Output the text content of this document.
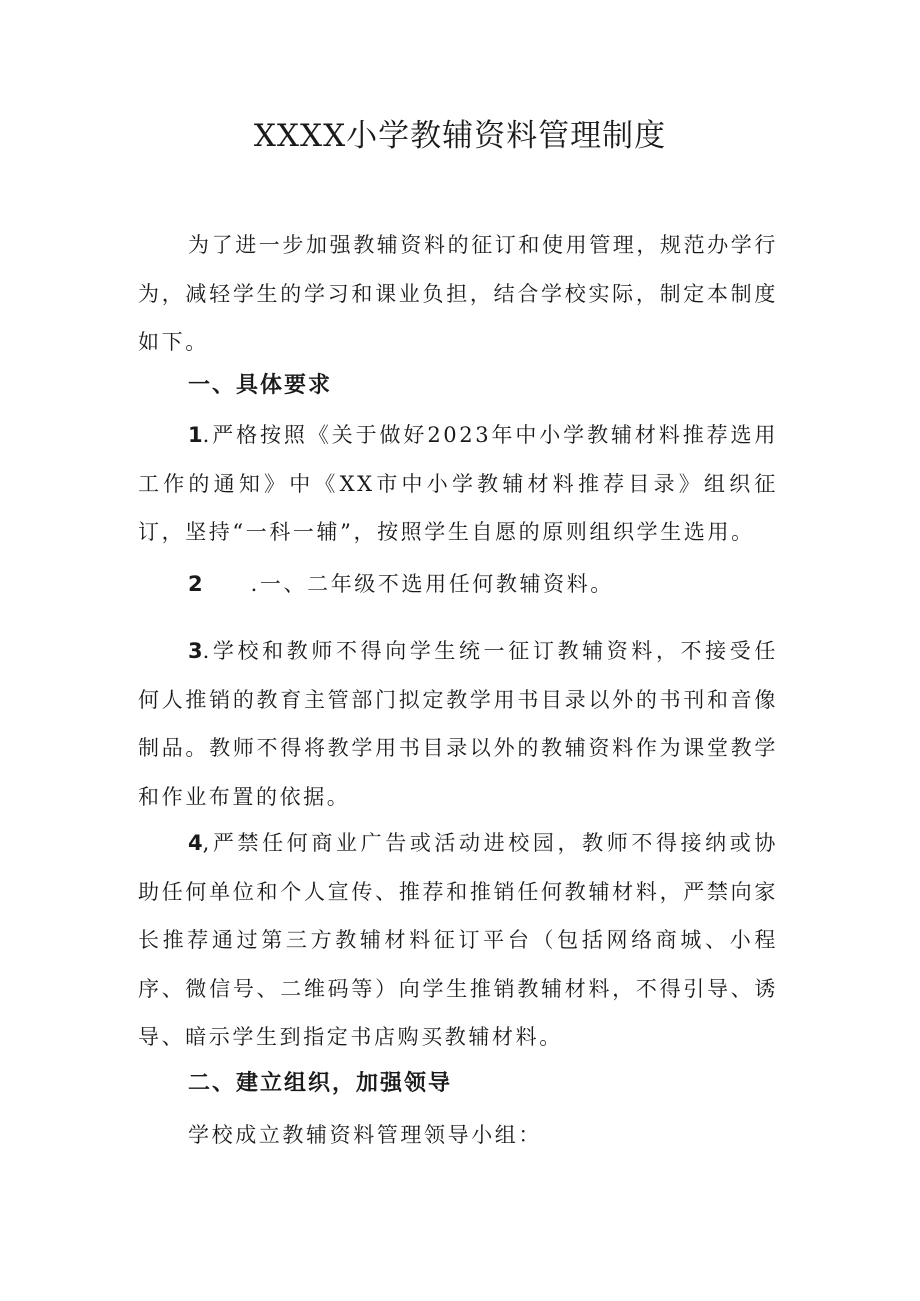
XXXX小学教辅资料管理制度
为了进一步加强教辅资料的征订和使用管理，规范办学行为，减轻学生的学习和课业负担，结合学校实际，制定本制度如下。
一、具体要求
1.严格按照《关于做好2023年中小学教辅材料推荐选用工作的通知》中《XX市中小学教辅材料推荐目录》组织征订，坚持“一科一辅”，按照学生自愿的原则组织学生选用。
2 .一、二年级不选用任何教辅资料。
3.学校和教师不得向学生统一征订教辅资料，不接受任何人推销的教育主管部门拟定教学用书目录以外的书刊和音像制品。教师不得将教学用书目录以外的教辅资料作为课堂教学和作业布置的依据。
4,严禁任何商业广告或活动进校园，教师不得接纳或协助任何单位和个人宣传、推荐和推销任何教辅材料，严禁向家长推荐通过第三方教辅材料征订平台（包括网络商城、小程序、微信号、二维码等）向学生推销教辅材料，不得引导、诱导、暗示学生到指定书店购买教辅材料。
二、建立组织，加强领导
学校成立教辅资料管理领导小组：
